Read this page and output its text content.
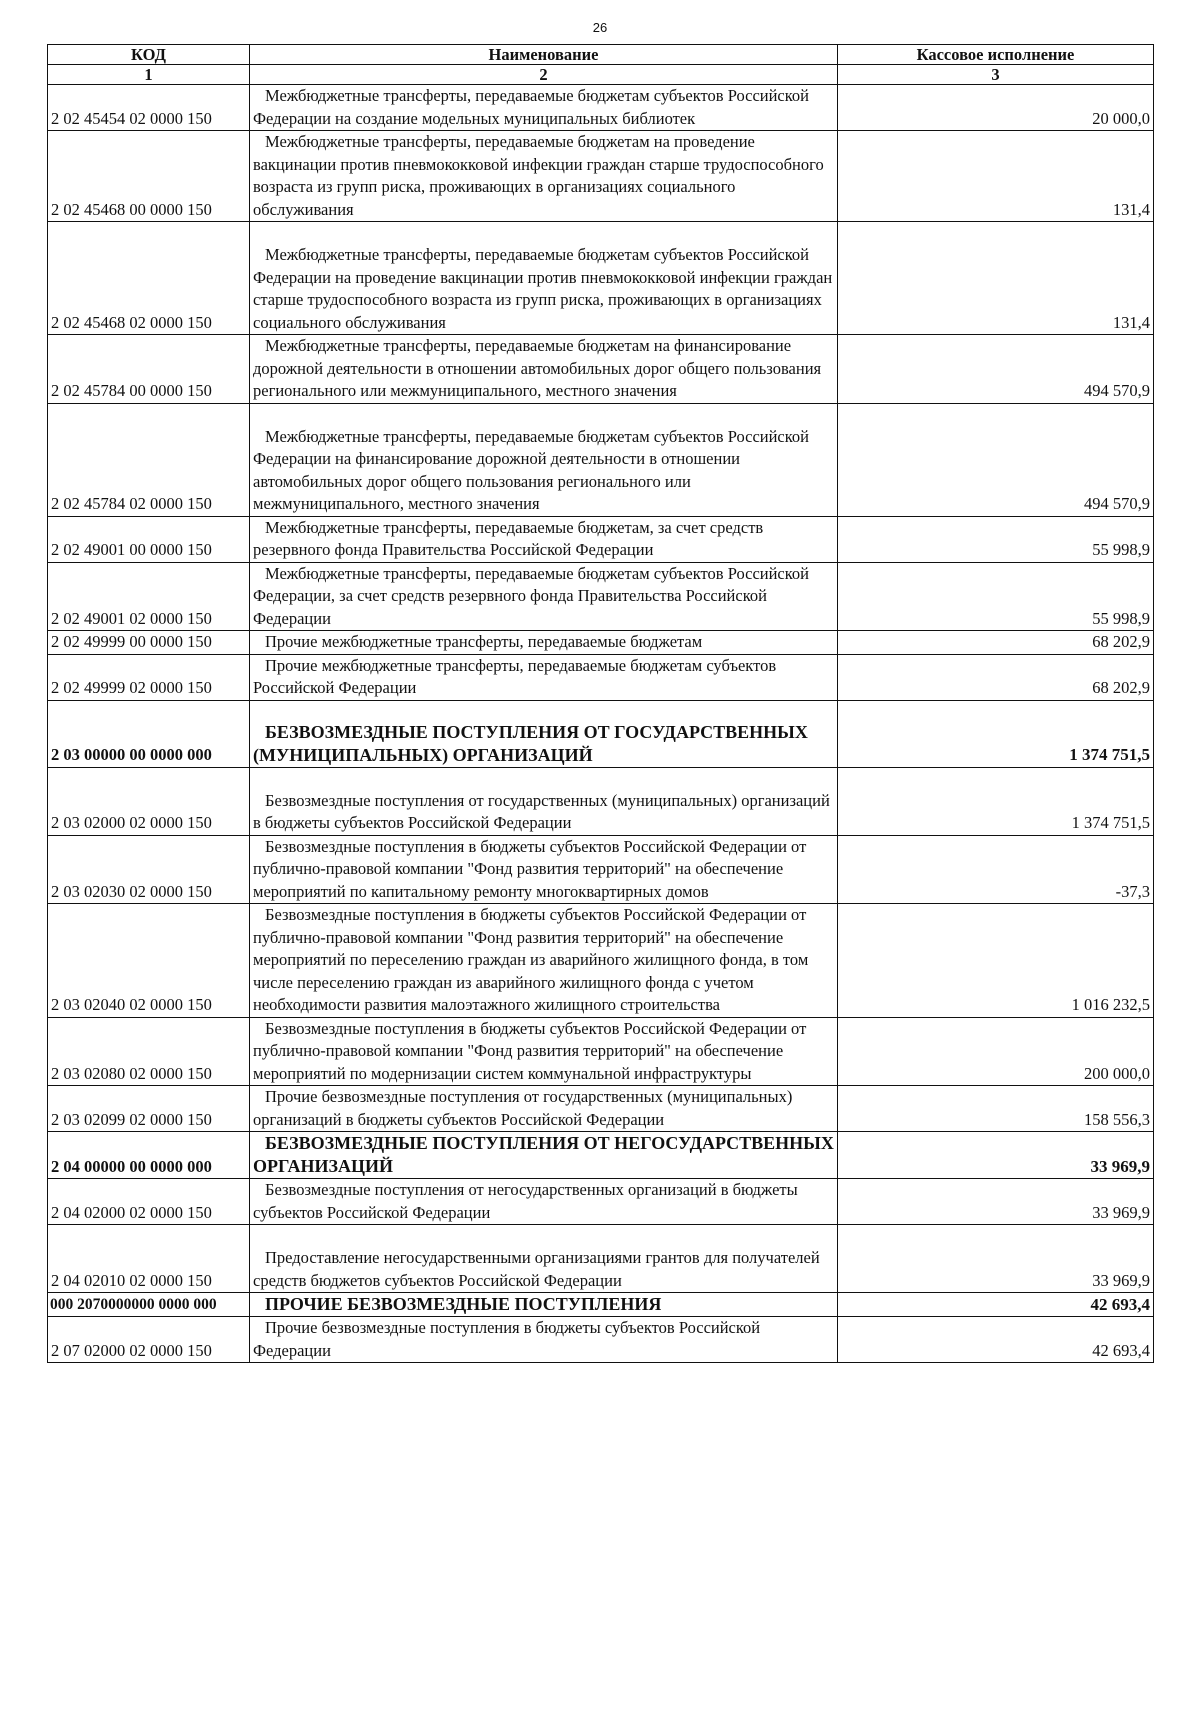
26
КОД	Наименование	Кассовое исполнение
1	2	3
2 02 45454 02 0000 150	Межбюджетные трансферты, передаваемые бюджетам субъектов Российской Федерации на создание модельных муниципальных библиотек	20 000,0
2 02 45468 00 0000 150	Межбюджетные трансферты, передаваемые бюджетам на проведение вакцинации против пневмококковой инфекции граждан старше трудоспособного возраста из групп риска, проживающих в организациях социального обслуживания	131,4
2 02 45468 02 0000 150	Межбюджетные трансферты, передаваемые бюджетам субъектов Российской Федерации на проведение вакцинации против пневмококковой инфекции граждан старше трудоспособного возраста из групп риска, проживающих в организациях социального обслуживания	131,4
2 02 45784 00 0000 150	Межбюджетные трансферты, передаваемые бюджетам на финансирование дорожной деятельности в отношении автомобильных дорог общего пользования регионального или межмуниципального, местного значения	494 570,9
2 02 45784 02 0000 150	Межбюджетные трансферты, передаваемые бюджетам субъектов Российской Федерации на финансирование дорожной деятельности в отношении автомобильных дорог общего пользования регионального или межмуниципального, местного значения	494 570,9
2 02 49001 00 0000 150	Межбюджетные трансферты, передаваемые бюджетам, за счет средств резервного фонда Правительства Российской Федерации	55 998,9
2 02 49001 02 0000 150	Межбюджетные трансферты, передаваемые бюджетам субъектов Российской Федерации, за счет средств резервного фонда Правительства Российской Федерации	55 998,9
2 02 49999 00 0000 150	Прочие межбюджетные трансферты, передаваемые бюджетам	68 202,9
2 02 49999 02 0000 150	Прочие межбюджетные трансферты, передаваемые бюджетам субъектов Российской Федерации	68 202,9
2 03 00000 00 0000 000	БЕЗВОЗМЕЗДНЫЕ ПОСТУПЛЕНИЯ ОТ ГОСУДАРСТВЕННЫХ (МУНИЦИПАЛЬНЫХ) ОРГАНИЗАЦИЙ	1 374 751,5
2 03 02000 02 0000 150	Безвозмездные поступления от государственных (муниципальных) организаций в бюджеты субъектов Российской Федерации	1 374 751,5
2 03 02030 02 0000 150	Безвозмездные поступления в бюджеты субъектов Российской Федерации от публично-правовой компании "Фонд развития территорий" на обеспечение мероприятий по капитальному ремонту многоквартирных домов	-37,3
2 03 02040 02 0000 150	Безвозмездные поступления в бюджеты субъектов Российской Федерации от публично-правовой компании "Фонд развития территорий" на обеспечение мероприятий по переселению граждан из аварийного жилищного фонда, в том числе переселению граждан из аварийного жилищного фонда с учетом необходимости развития малоэтажного жилищного строительства	1 016 232,5
2 03 02080 02 0000 150	Безвозмездные поступления в бюджеты субъектов Российской Федерации от публично-правовой компании "Фонд развития территорий" на обеспечение мероприятий по модернизации систем коммунальной инфраструктуры	200 000,0
2 03 02099 02 0000 150	Прочие безвозмездные поступления от государственных (муниципальных) организаций в бюджеты субъектов Российской Федерации	158 556,3
2 04 00000 00 0000 000	БЕЗВОЗМЕЗДНЫЕ ПОСТУПЛЕНИЯ ОТ НЕГОСУДАРСТВЕННЫХ ОРГАНИЗАЦИЙ	33 969,9
2 04 02000 02 0000 150	Безвозмездные поступления от негосударственных организаций в бюджеты субъектов Российской Федерации	33 969,9
2 04 02010 02 0000 150	Предоставление негосударственными организациями грантов для получателей средств бюджетов субъектов Российской Федерации	33 969,9
000 2070000000 0000 000	ПРОЧИЕ БЕЗВОЗМЕЗДНЫЕ ПОСТУПЛЕНИЯ	42 693,4
2 07 02000 02 0000 150	Прочие безвозмездные поступления в бюджеты субъектов Российской Федерации	42 693,4
